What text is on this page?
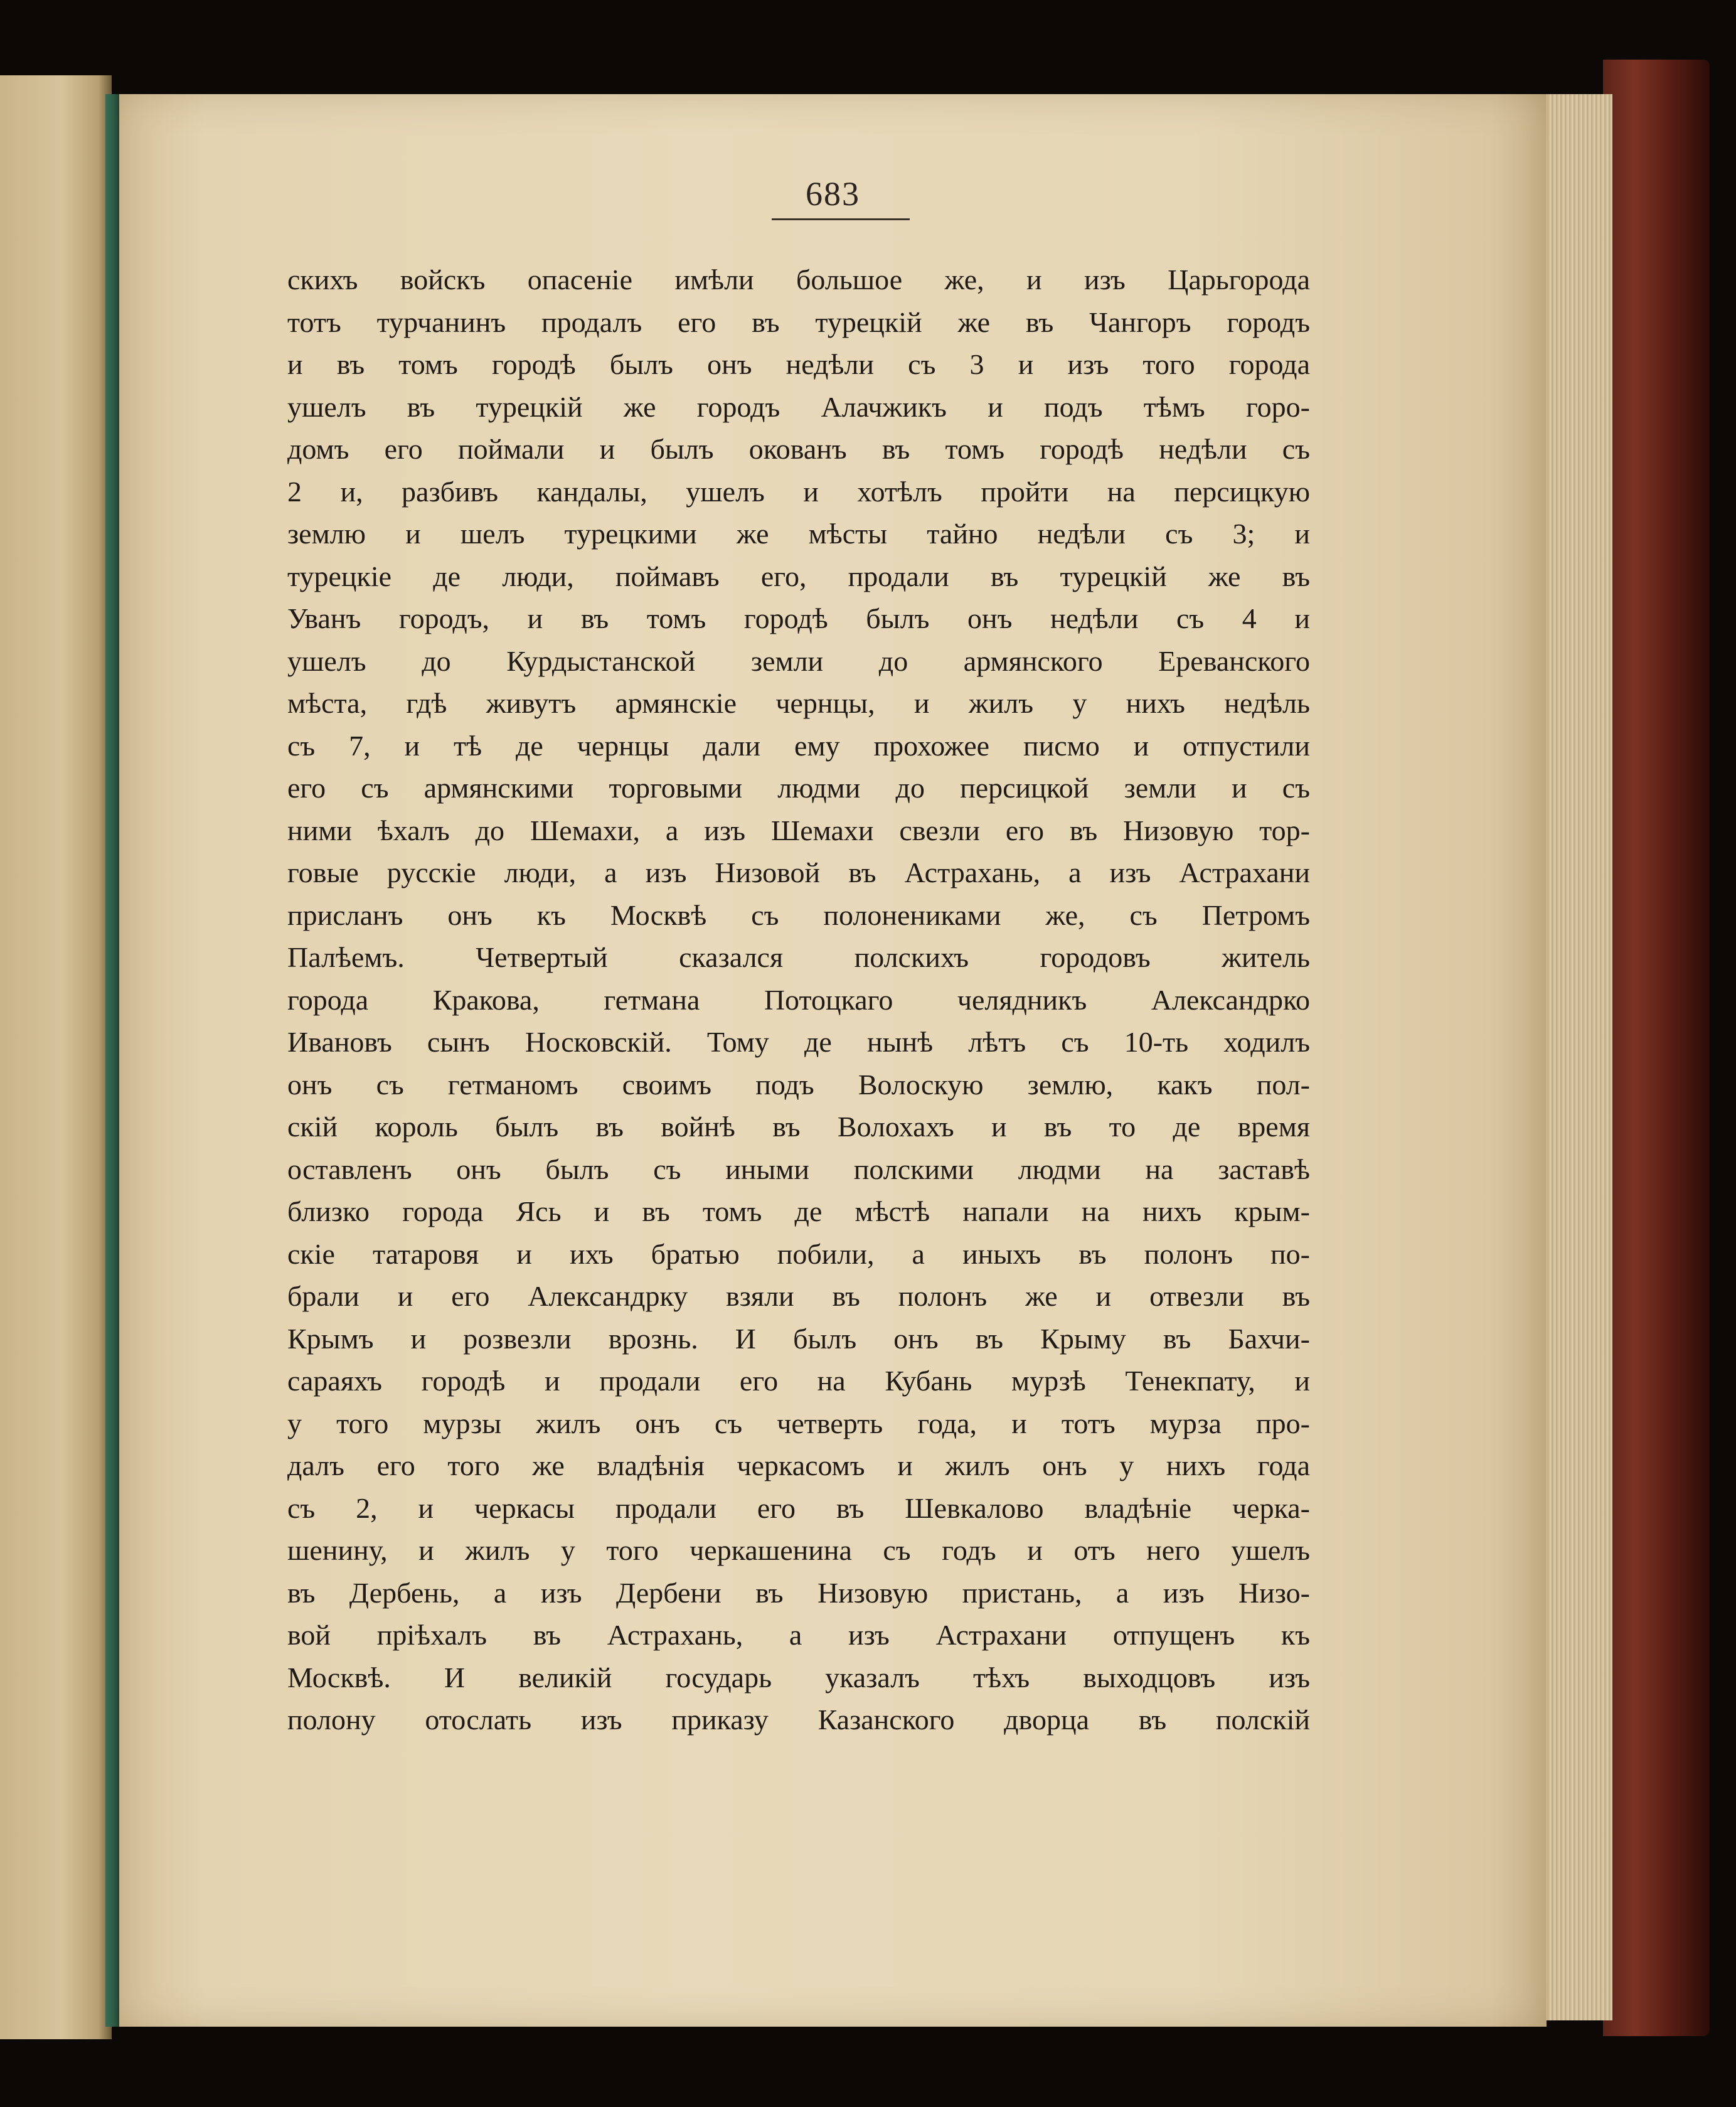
683
скихъ войскъ опасеніе имѣли большое же, и изъ Царьгорода
тотъ турчанинъ продалъ его въ турецкій же въ Чангоръ городъ
и въ томъ городѣ былъ онъ недѣли съ 3 и изъ того города
ушелъ въ турецкій же городъ Алачжикъ и подъ тѣмъ горо-
домъ его поймали и былъ окованъ въ томъ городѣ недѣли съ
2 и, разбивъ кандалы, ушелъ и хотѣлъ пройти на персицкую
землю и шелъ турецкими же мѣсты тайно недѣли съ 3; и
турецкіе де люди, поймавъ его, продали въ турецкій же въ
Уванъ городъ, и въ томъ городѣ былъ онъ недѣли съ 4 и
ушелъ до Курдыстанской земли до армянского Ереванского
мѣста, гдѣ живутъ армянскіе чернцы, и жилъ у нихъ недѣль
съ 7, и тѣ де чернцы дали ему прохожее писмо и отпустили
его съ армянскими торговыми людми до персицкой земли и съ
ними ѣхалъ до Шемахи, а изъ Шемахи свезли его въ Низовую тор-
говые русскіе люди, а изъ Низовой въ Астрахань, а изъ Астрахани
присланъ онъ къ Москвѣ съ полонениками же, съ Петромъ
Палѣемъ. Четвертый сказался полскихъ городовъ житель
города Кракова, гетмана Потоцкаго челядникъ Александрко
Ивановъ сынъ Носковскій. Тому де нынѣ лѣтъ съ 10-ть ходилъ
онъ съ гетманомъ своимъ подъ Волоскую землю, какъ пол-
скій король былъ въ войнѣ въ Волохахъ и въ то де время
оставленъ онъ былъ съ иными полскими людми на заставѣ
близко города Ясь и въ томъ де мѣстѣ напали на нихъ крым-
скіе татаровя и ихъ братью побили, а иныхъ въ полонъ по-
брали и его Александрку взяли въ полонъ же и отвезли въ
Крымъ и розвезли врознь. И былъ онъ въ Крыму въ Бахчи-
сараяхъ городѣ и продали его на Кубань мурзѣ Тенекпату, и
у того мурзы жилъ онъ съ четверть года, и тотъ мурза про-
далъ его того же владѣнія черкасомъ и жилъ онъ у нихъ года
съ 2, и черкасы продали его въ Шевкалово владѣніе черка-
шенину, и жилъ у того черкашенина съ годъ и отъ него ушелъ
въ Дербень, а изъ Дербени въ Низовую пристань, а изъ Низо-
вой пріѣхалъ въ Астрахань, а изъ Астрахани отпущенъ къ
Москвѣ. И великій государь указалъ тѣхъ выходцовъ изъ
полону отослать изъ приказу Казанского дворца въ полскій
